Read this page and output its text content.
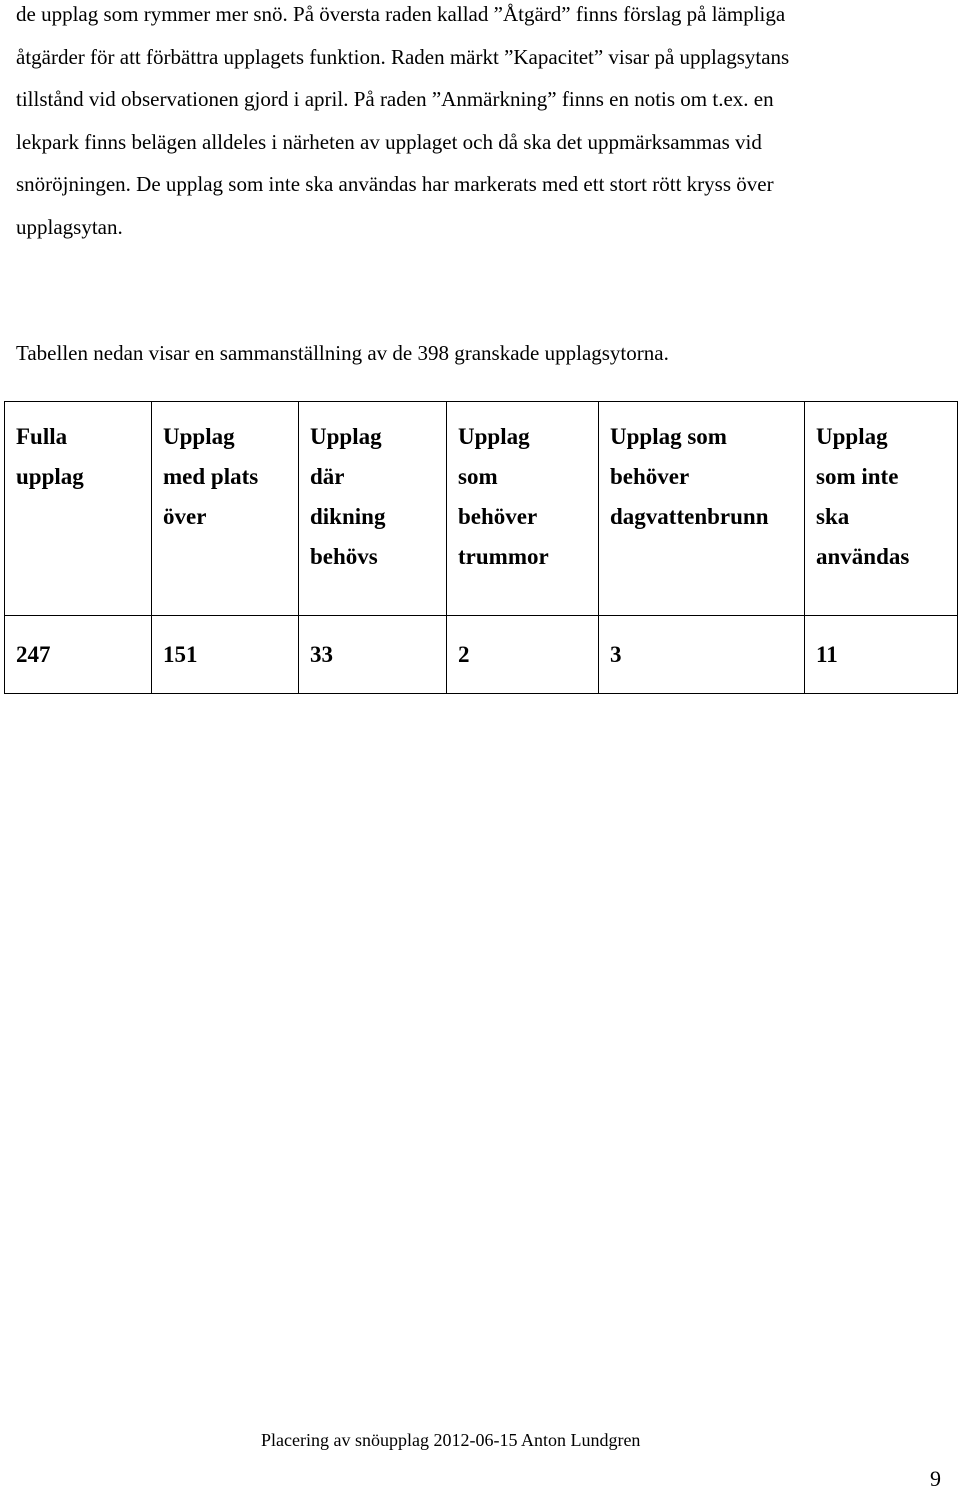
de upplag som rymmer mer snö. På översta raden kallad ”Åtgärd” finns förslag på lämpliga
åtgärder för att förbättra upplagets funktion. Raden märkt ”Kapacitet” visar på upplagsytans
tillstånd vid observationen gjord i april. På raden ”Anmärkning” finns en notis om t.ex. en
lekpark finns belägen alldeles i närheten av upplaget och då ska det uppmärksammas vid
snöröjningen. De upplag som inte ska användas har markerats med ett stort rött kryss över
upplagsytan.

Tabellen nedan visar en sammanställning av de 398 granskade upplagsytorna.

Fulla
upplag	Upplag
med plats
över	Upplag
där
dikning
behövs	Upplag
som
behöver
trummor	Upplag som
behöver
dagvattenbrunn	Upplag
som inte
ska
användas

247	151	33	2	3	11
Placering av snöupplag 2012-06-15 Anton Lundgren
9
